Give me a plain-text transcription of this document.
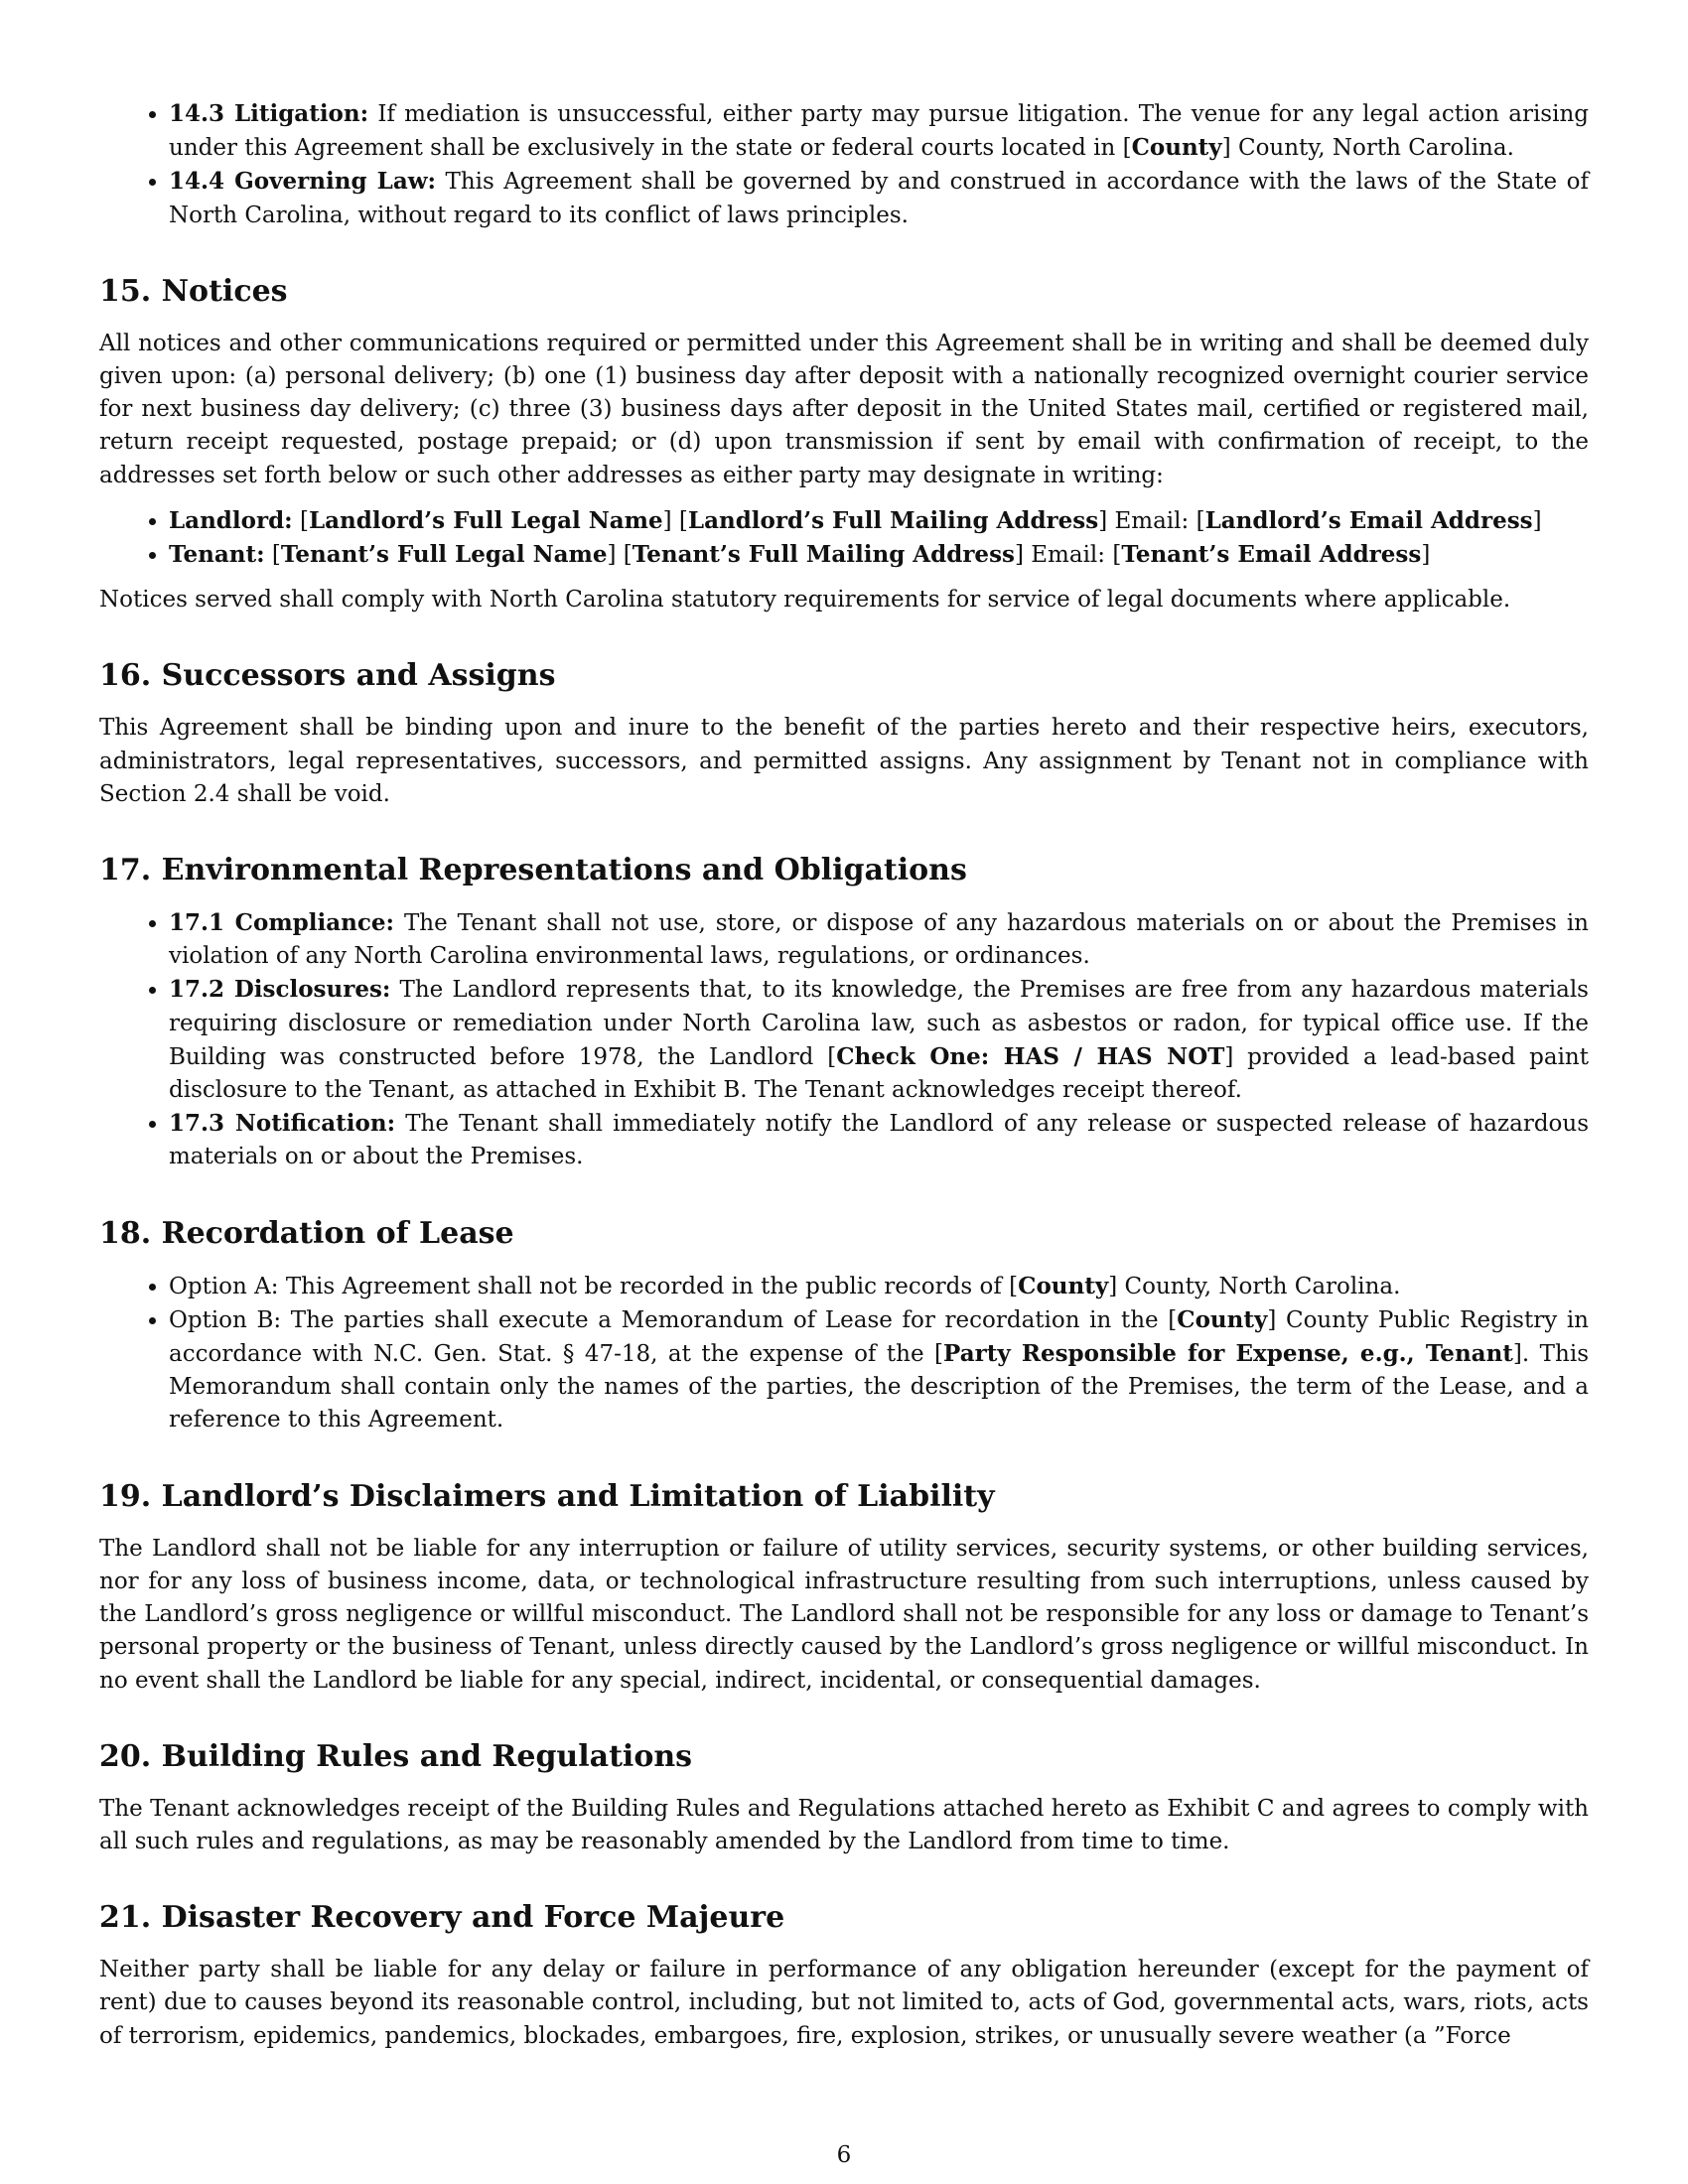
• 14.3 Litigation: If mediation is unsuccessful, either party may pursue litigation. The venue for any legal action arising under this Agreement shall be exclusively in the state or federal courts located in [County] County, North Carolina.
• 14.4 Governing Law: This Agreement shall be governed by and construed in accordance with the laws of the State of North Carolina, without regard to its conflict of laws principles.
15. Notices

All notices and other communications required or permitted under this Agreement shall be in writing and shall be deemed duly given upon: (a) personal delivery; (b) one (1) business day after deposit with a nationally recognized overnight courier service for next business day delivery; (c) three (3) business days after deposit in the United States mail, certified or registered mail, return receipt requested, postage prepaid; or (d) upon transmission if sent by email with confirmation of receipt, to the addresses set forth below or such other addresses as either party may designate in writing:

• Landlord: [Landlord’s Full Legal Name] [Landlord’s Full Mailing Address] Email: [Landlord’s Email Address]
• Tenant: [Tenant’s Full Legal Name] [Tenant’s Full Mailing Address] Email: [Tenant’s Email Address]

Notices served shall comply with North Carolina statutory requirements for service of legal documents where applicable.

16. Successors and Assigns

This Agreement shall be binding upon and inure to the benefit of the parties hereto and their respective heirs, executors, administrators, legal representatives, successors, and permitted assigns. Any assignment by Tenant not in compliance with Section 2.4 shall be void.

17. Environmental Representations and Obligations
• 17.1 Compliance: The Tenant shall not use, store, or dispose of any hazardous materials on or about the Premises in violation of any North Carolina environmental laws, regulations, or ordinances.
• 17.2 Disclosures: The Landlord represents that, to its knowledge, the Premises are free from any hazardous materials requiring disclosure or remediation under North Carolina law, such as asbestos or radon, for typical office use. If the Building was constructed before 1978, the Landlord [Check One: HAS / HAS NOT] provided a lead-based paint disclosure to the Tenant, as attached in Exhibit B. The Tenant acknowledges receipt thereof.
• 17.3 Notification: The Tenant shall immediately notify the Landlord of any release or suspected release of hazardous materials on or about the Premises.
18. Recordation of Lease
• Option A: This Agreement shall not be recorded in the public records of [County] County, North Carolina.
• Option B: The parties shall execute a Memorandum of Lease for recordation in the [County] County Public Registry in accordance with N.C. Gen. Stat. § 47-18, at the expense of the [Party Responsible for Expense, e.g., Tenant]. This Memorandum shall contain only the names of the parties, the description of the Premises, the term of the Lease, and a reference to this Agreement.
19. Landlord’s Disclaimers and Limitation of Liability

The Landlord shall not be liable for any interruption or failure of utility services, security systems, or other building services, nor for any loss of business income, data, or technological infrastructure resulting from such interruptions, unless caused by the Landlord’s gross negligence or willful misconduct. The Landlord shall not be responsible for any loss or damage to Tenant’s personal property or the business of Tenant, unless directly caused by the Landlord’s gross negligence or willful misconduct. In no event shall the Landlord be liable for any special, indirect, incidental, or consequential damages.

20. Building Rules and Regulations

The Tenant acknowledges receipt of the Building Rules and Regulations attached hereto as Exhibit C and agrees to comply with all such rules and regulations, as may be reasonably amended by the Landlord from time to time.

21. Disaster Recovery and Force Majeure

Neither party shall be liable for any delay or failure in performance of any obligation hereunder (except for the payment of rent) due to causes beyond its reasonable control, including, but not limited to, acts of God, governmental acts, wars, riots, acts of terrorism, epidemics, pandemics, blockades, embargoes, fire, explosion, strikes, or unusually severe weather (a ”Force

6
